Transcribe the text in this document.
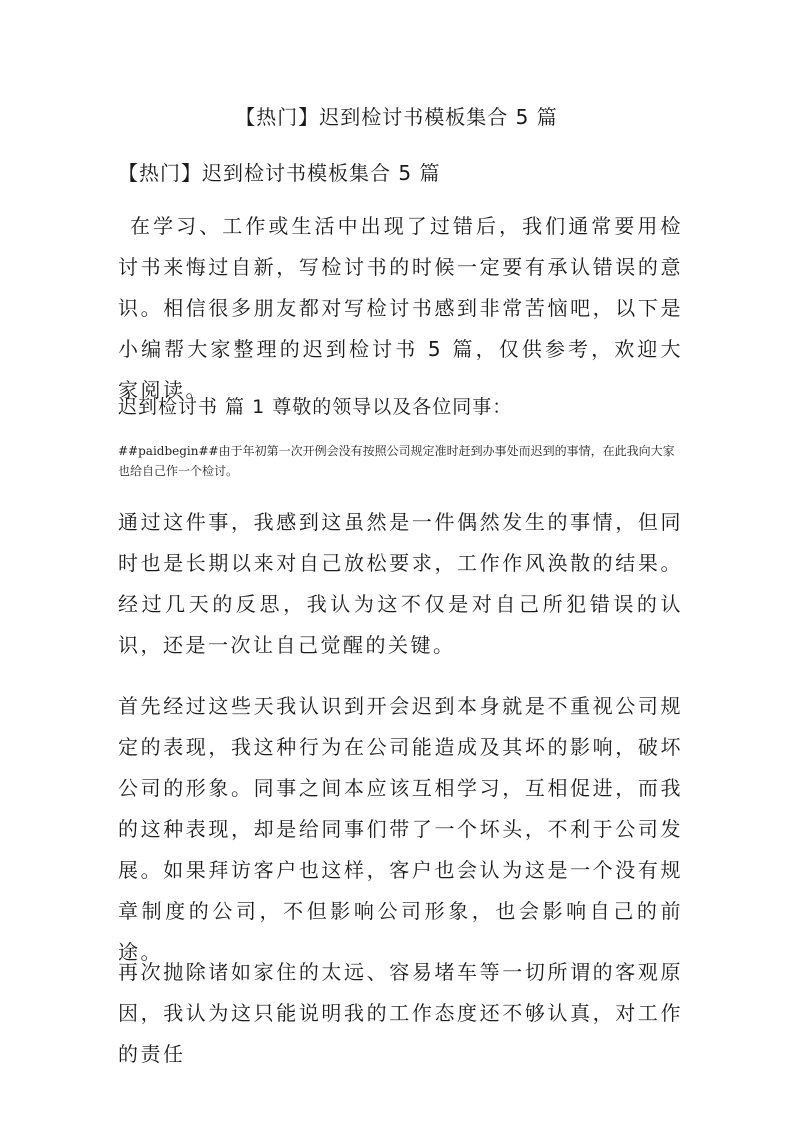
【热门】迟到检讨书模板集合 5 篇
【热门】迟到检讨书模板集合 5 篇

在学习、工作或生活中出现了过错后，我们通常要用检讨书来悔过自新，写检讨书的时候一定要有承认错误的意识。相信很多朋友都对写检讨书感到非常苦恼吧，以下是小编帮大家整理的迟到检讨书 5 篇，仅供参考，欢迎大家阅读。

迟到检讨书 篇 1 尊敬的领导以及各位同事：

##paidbegin##由于年初第一次开例会没有按照公司规定准时赶到办事处而迟到的事情，在此我向大家也给自己作一个检讨。

通过这件事，我感到这虽然是一件偶然发生的事情，但同时也是长期以来对自己放松要求，工作作风涣散的结果。经过几天的反思，我认为这不仅是对自己所犯错误的认识，还是一次让自己觉醒的关键。

首先经过这些天我认识到开会迟到本身就是不重视公司规定的表现，我这种行为在公司能造成及其坏的影响，破坏公司的形象。同事之间本应该互相学习，互相促进，而我的这种表现，却是给同事们带了一个坏头，不利于公司发展。如果拜访客户也这样，客户也会认为这是一个没有规章制度的公司，不但影响公司形象，也会影响自己的前途。

再次抛除诸如家住的太远、容易堵车等一切所谓的客观原因，我认为这只能说明我的工作态度还不够认真，对工作的责任
